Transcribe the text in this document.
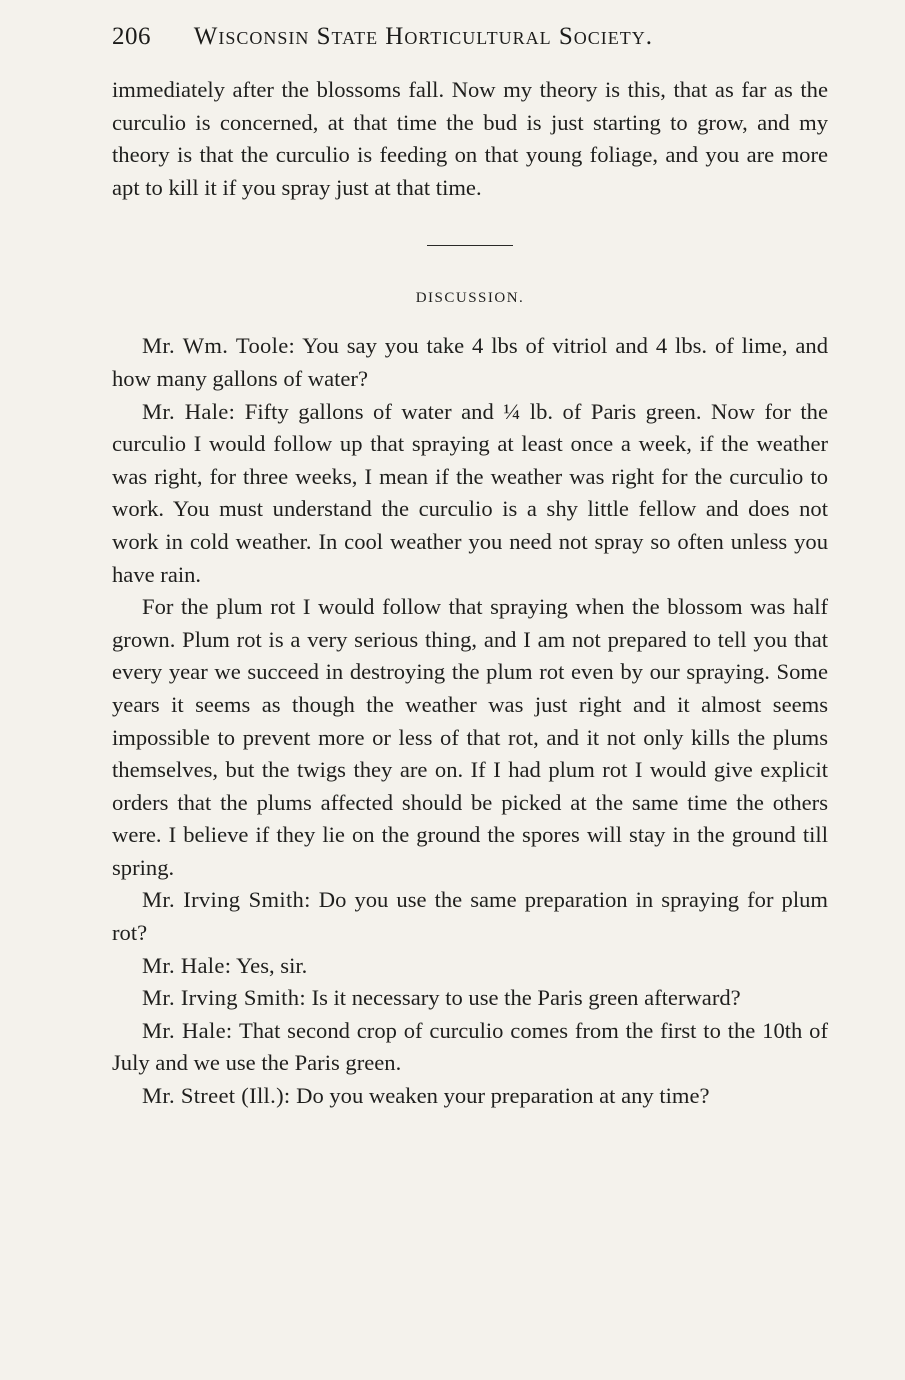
206 Wisconsin State Horticultural Society.

immediately after the blossoms fall. Now my theory is this, that as far as the curculio is concerned, at that time the bud is just starting to grow, and my theory is that the curculio is feeding on that young foliage, and you are more apt to kill it if you spray just at that time.

DISCUSSION.

Mr. Wm. Toole: You say you take 4 lbs of vitriol and 4 lbs. of lime, and how many gallons of water?

Mr. Hale: Fifty gallons of water and ¼ lb. of Paris green. Now for the curculio I would follow up that spraying at least once a week, if the weather was right, for three weeks, I mean if the weather was right for the curculio to work. You must understand the curculio is a shy little fellow and does not work in cold weather. In cool weather you need not spray so often unless you have rain.

For the plum rot I would follow that spraying when the blossom was half grown. Plum rot is a very serious thing, and I am not prepared to tell you that every year we succeed in destroying the plum rot even by our spraying. Some years it seems as though the weather was just right and it almost seems impossible to prevent more or less of that rot, and it not only kills the plums themselves, but the twigs they are on. If I had plum rot I would give explicit orders that the plums affected should be picked at the same time the others were. I believe if they lie on the ground the spores will stay in the ground till spring.

Mr. Irving Smith: Do you use the same preparation in spraying for plum rot?

Mr. Hale: Yes, sir.

Mr. Irving Smith: Is it necessary to use the Paris green afterward?

Mr. Hale: That second crop of curculio comes from the first to the 10th of July and we use the Paris green.

Mr. Street (Ill.): Do you weaken your preparation at any time?
